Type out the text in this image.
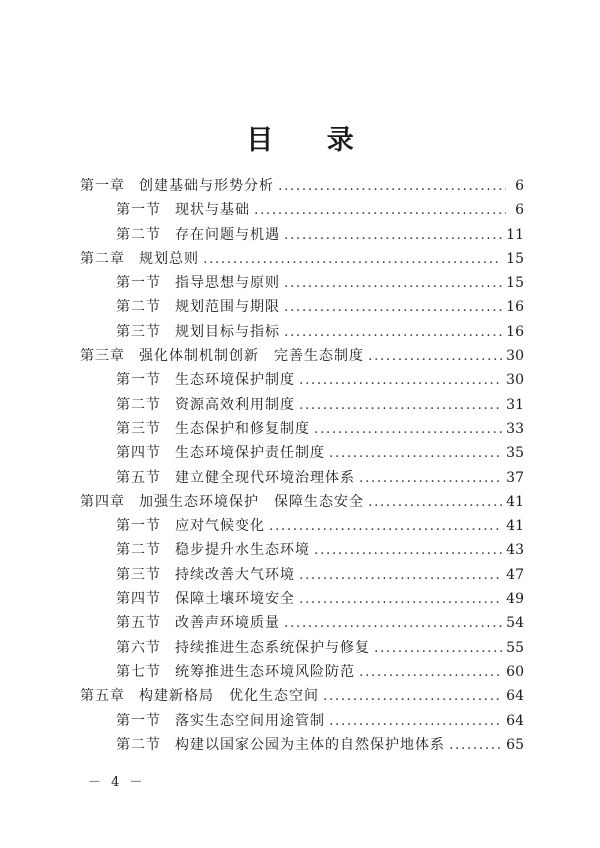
目 录
第一章 创建基础与形势分析 .....	6
第一节 现状与基础 .....	6
第二节 存在问题与机遇 .....	11
第二章 规划总则 .....	15
第一节 指导思想与原则 .....	15
第二节 规划范围与期限 .....	16
第三节 规划目标与指标 .....	16
第三章 强化体制机制创新　完善生态制度 .....	30
第一节 生态环境保护制度 .....	30
第二节 资源高效利用制度 .....	31
第三节 生态保护和修复制度 .....	33
第四节 生态环境保护责任制度 .....	35
第五节 建立健全现代环境治理体系 .....	37
第四章 加强生态环境保护　保障生态安全 .....	41
第一节 应对气候变化 .....	41
第二节 稳步提升水生态环境 .....	43
第三节 持续改善大气环境 .....	47
第四节 保障土壤环境安全 .....	49
第五节 改善声环境质量 .....	54
第六节 持续推进生态系统保护与修复 .....	55
第七节 统筹推进生态环境风险防范 .....	60
第五章 构建新格局　优化生态空间 .....	64
第一节 落实生态空间用途管制 .....	64
第二节 构建以国家公园为主体的自然保护地体系 .....	65
－ 4 －
